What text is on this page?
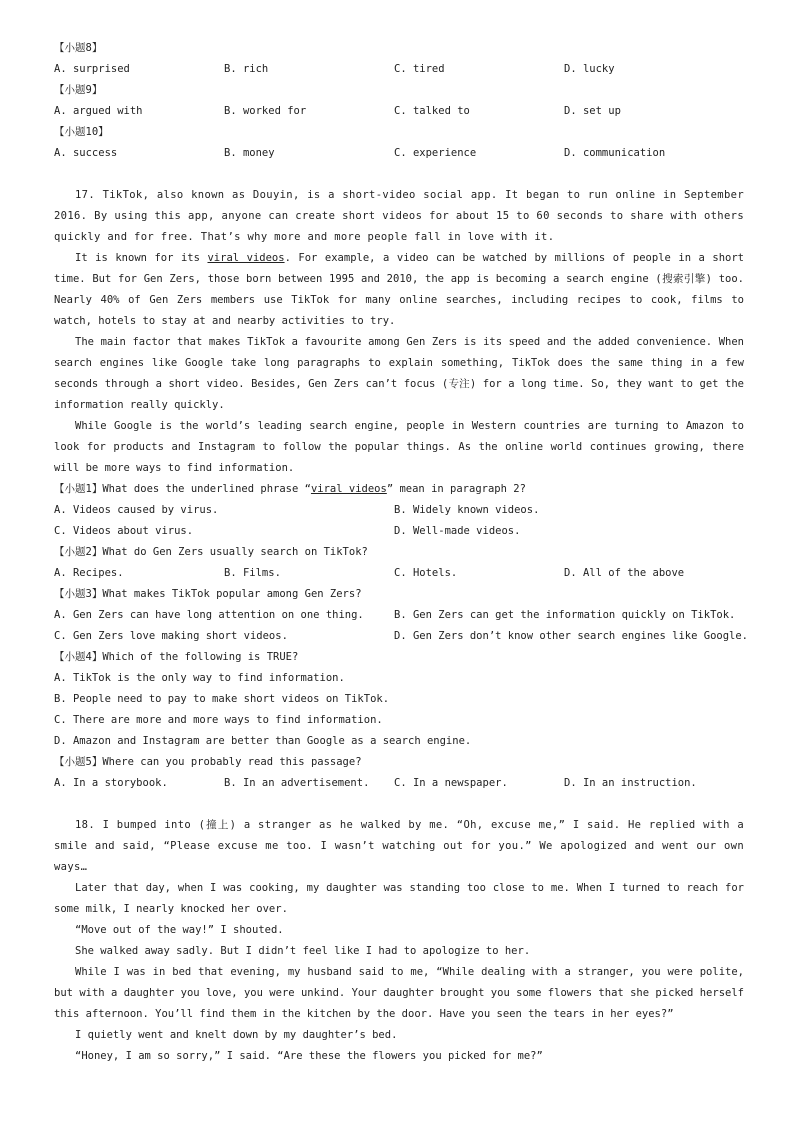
【小题8】
A. surprised	B. rich	C. tired	D. lucky
【小题9】
A. argued with	B. worked for	C. talked to	D. set up
【小题10】
A. success	B. money	C. experience	D. communication
17. TikTok, also known as Douyin, is a short-video social app. It began to run online in September 2016. By using this app, anyone can create short videos for about 15 to 60 seconds to share with others quickly and for free. That’s why more and more people fall in love with it.
It is known for its viral videos. For example, a video can be watched by millions of people in a short time. But for Gen Zers, those born between 1995 and 2010, the app is becoming a search engine (搜索引擎) too. Nearly 40% of Gen Zers members use TikTok for many online searches, including recipes to cook, films to watch, hotels to stay at and nearby activities to try.
The main factor that makes TikTok a favourite among Gen Zers is its speed and the added convenience. When search engines like Google take long paragraphs to explain something, TikTok does the same thing in a few seconds through a short video. Besides, Gen Zers can’t focus (专注) for a long time. So, they want to get the information really quickly.
While Google is the world’s leading search engine, people in Western countries are turning to Amazon to look for products and Instagram to follow the popular things. As the online world continues growing, there will be more ways to find information.
【小题1】What does the underlined phrase “viral videos” mean in paragraph 2?
A. Videos caused by virus.	B. Widely known videos.
C. Videos about virus.	D. Well-made videos.
【小题2】What do Gen Zers usually search on TikTok?
A. Recipes.	B. Films.	C. Hotels.	D. All of the above
【小题3】What makes TikTok popular among Gen Zers?
A. Gen Zers can have long attention on one thing.	B. Gen Zers can get the information quickly on TikTok.
C. Gen Zers love making short videos.	D. Gen Zers don’t know other search engines like Google.
【小题4】Which of the following is TRUE?
A. TikTok is the only way to find information.
B. People need to pay to make short videos on TikTok.
C. There are more and more ways to find information.
D. Amazon and Instagram are better than Google as a search engine.
【小题5】Where can you probably read this passage?
A. In a storybook.	B. In an advertisement.	C. In a newspaper.	D. In an instruction.
18. I bumped into (撞上) a stranger as he walked by me. “Oh, excuse me,” I said. He replied with a smile and said, “Please excuse me too. I wasn’t watching out for you.” We apologized and went our own ways…
Later that day, when I was cooking, my daughter was standing too close to me. When I turned to reach for some milk, I nearly knocked her over.
“Move out of the way!” I shouted.
She walked away sadly. But I didn’t feel like I had to apologize to her.
While I was in bed that evening, my husband said to me, “While dealing with a stranger, you were polite, but with a daughter you love, you were unkind. Your daughter brought you some flowers that she picked herself this afternoon. You’ll find them in the kitchen by the door. Have you seen the tears in her eyes?”
I quietly went and knelt down by my daughter’s bed.
“Honey, I am so sorry,” I said. “Are these the flowers you picked for me?”
